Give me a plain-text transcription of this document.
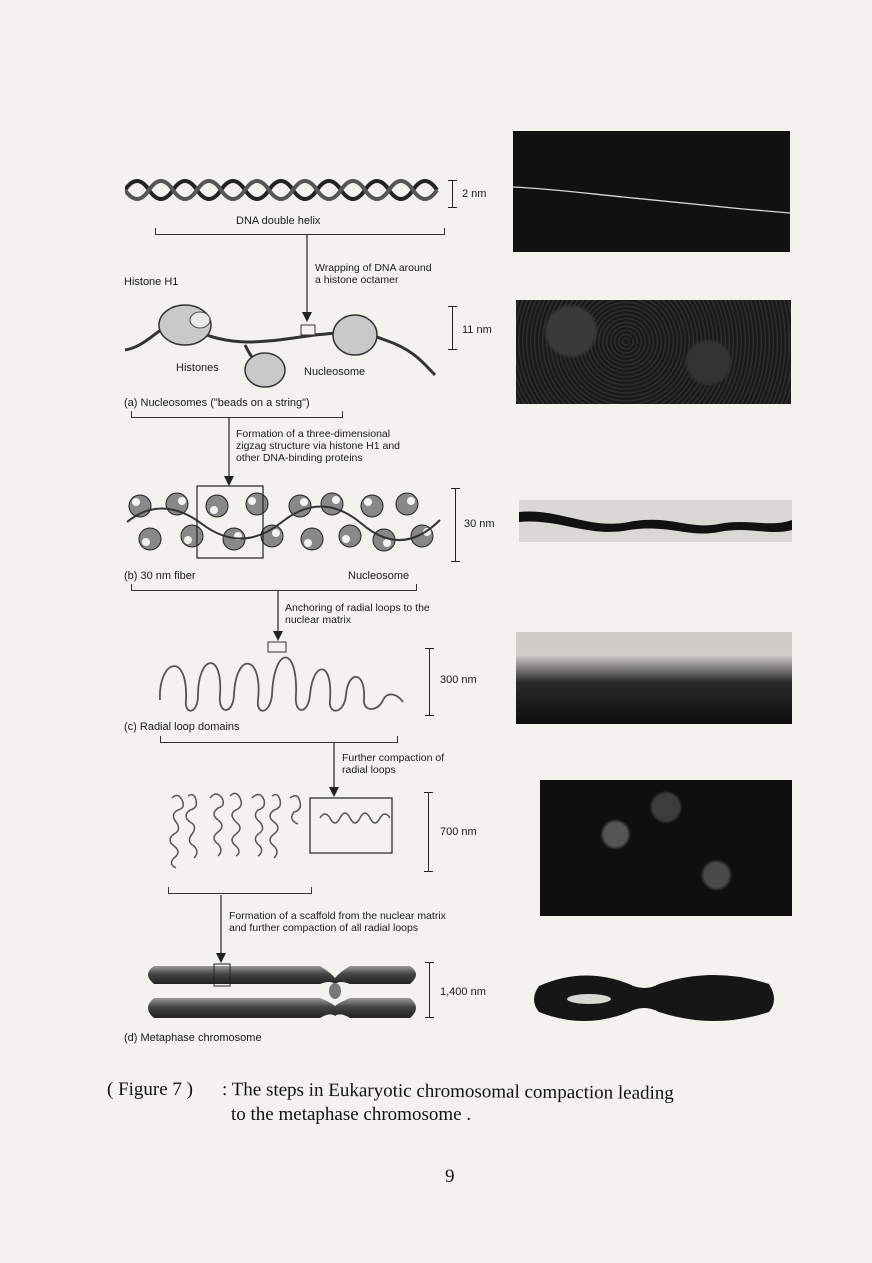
2 nm
DNA double helix
Wrapping of DNA around
a histone octamer
Histone H1
Histones	Nucleosome
11 nm
(a) Nucleosomes ("beads on a string")
Formation of a three-dimensional
zigzag structure via histone H1 and
other DNA-binding proteins
30 nm
(b) 30 nm fiber	Nucleosome
Anchoring of radial loops to the
nuclear matrix
300 nm
(c) Radial loop domains
Further compaction of
radial loops
700 nm
Formation of a scaffold from the nuclear matrix
and further compaction of all radial loops
1,400 nm
(d) Metaphase chromosome
( Figure 7 ) : The steps in Eukaryotic chromosomal compaction leading
to the metaphase chromosome .
9
